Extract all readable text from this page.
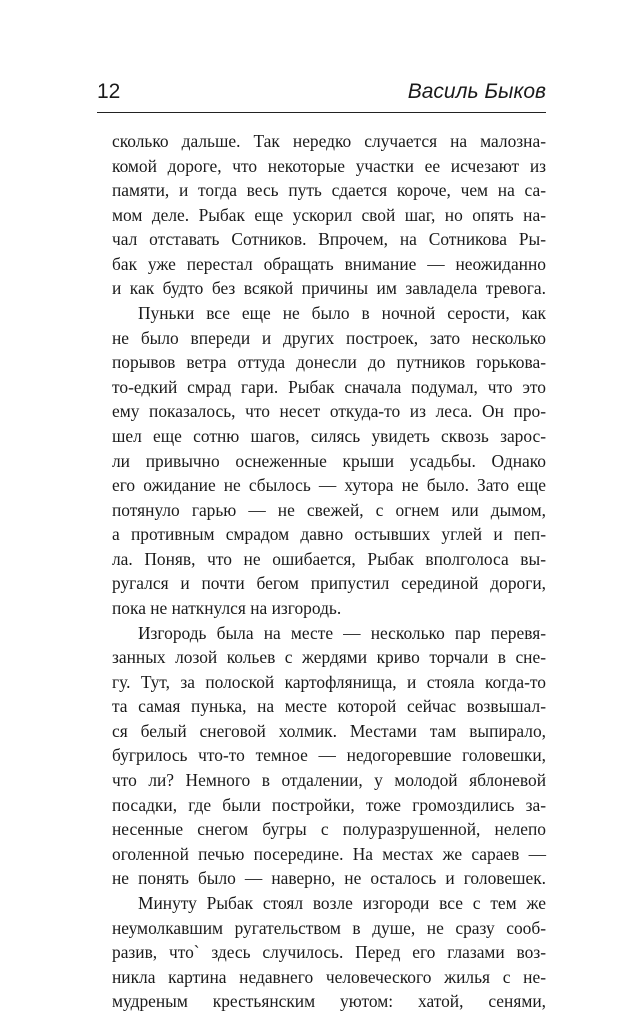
12	Василь Быков
сколько дальше. Так нередко случается на малозна-
комой дороге, что некоторые участки ее исчезают из
памяти, и тогда весь путь сдается короче, чем на са-
мом деле. Рыбак еще ускорил свой шаг, но опять на-
чал отставать Сотников. Впрочем, на Сотникова Ры-
бак уже перестал обращать внимание — неожиданно
и как будто без всякой причины им завладела тревога.
Пуньки все еще не было в ночной серости, как
не было впереди и других построек, зато несколько
порывов ветра оттуда донесли до путников горькова-
то-едкий смрад гари. Рыбак сначала подумал, что это
ему показалось, что несет откуда-то из леса. Он про-
шел еще сотню шагов, силясь увидеть сквозь зарос-
ли привычно оснеженные крыши усадьбы. Однако
его ожидание не сбылось — хутора не было. Зато еще
потянуло гарью — не свежей, с огнем или дымом,
а противным смрадом давно остывших углей и пеп-
ла. Поняв, что не ошибается, Рыбак вполголоса вы-
ругался и почти бегом припустил серединой дороги,
пока не наткнулся на изгородь.
Изгородь была на месте — несколько пар перевя-
занных лозой кольев с жердями криво торчали в сне-
гу. Тут, за полоской картофлянища, и стояла когда-то
та самая пунька, на месте которой сейчас возвышал-
ся белый снеговой холмик. Местами там выпирало,
бугрилось что-то темное — недогоревшие головешки,
что ли? Немного в отдалении, у молодой яблоневой
посадки, где были постройки, тоже громоздились за-
несенные снегом бугры с полуразрушенной, нелепо
оголенной печью посередине. На местах же сараев —
не понять было — наверно, не осталось и головешек.
Минуту Рыбак стоял возле изгороди все с тем же
неумолкавшим ругательством в душе, не сразу сооб-
разив, что` здесь случилось. Перед его глазами воз-
никла картина недавнего человеческого жилья с не-
мудреным крестьянским уютом: хатой, сенями,
